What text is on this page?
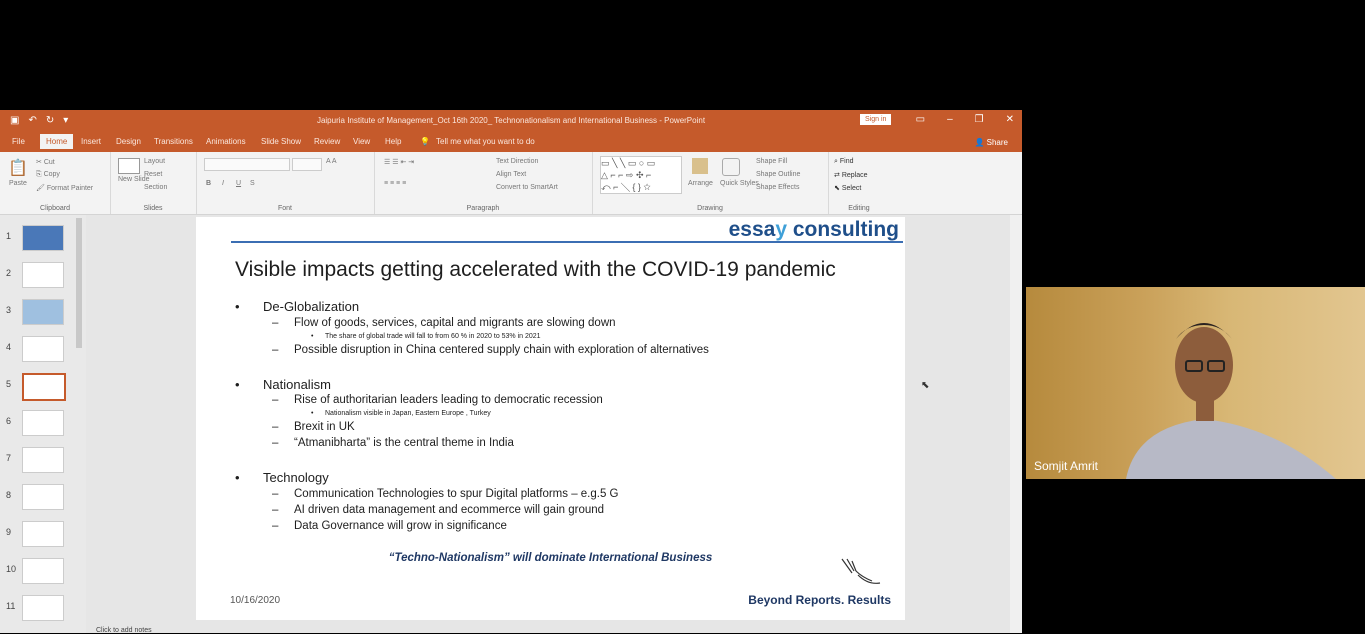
▣ ↶ ↻ ▾	Jaipuria Institute of Management_Oct 16th 2020_ Technonationalism and International Business - PowerPoint	Sign in	▭ – ❐ ✕
File	Home	Insert Design Transitions Animations Slide Show Review View Help 💡 Tell me what you want to do	👤 Share
📋
Paste
✂ Cut
⎘ Copy
🖌 Format Painter
Clipboard
New Slide
Layout
Reset
Section
Slides
A A
B I U S
Font
☰ ☰ ⇤ ⇥
≡ ≡ ≡ ≡
Text Direction
Align Text
Convert to SmartArt
Paragraph
▭ ╲ ╲ ▭ ○ ▭
△ ⌐ ⌐ ⇨ ✣ ⌐
⤺ ⌐ ╲ { } ☆	Arrange Quick Styles
Shape Fill
Shape Outline
Shape Effects
Drawing
⌕ Find
⇄ Replace
⬉ Select
Editing
1
2
3
4
5
6
7
8
9
10
11
essay consulting
Visible impacts getting accelerated with the COVID-19 pandemic
• De-Globalization
– Flow of goods, services, capital and migrants are slowing down
• The share of global trade will fall to from 60 % in 2020 to 53% in 2021
– Possible disruption in China centered supply chain with exploration of alternatives
• Nationalism
– Rise of authoritarian leaders leading to democratic recession
• Nationalism visible in Japan, Eastern Europe , Turkey
– Brexit in UK
– “Atmanibharta” is the central theme in India
• Technology
– Communication Technologies to spur Digital platforms – e.g.5 G
– AI driven data management and ecommerce will gain ground
– Data Governance will grow in significance
“Techno-Nationalism” will dominate International Business
10/16/2020	Beyond Reports. Results
Click to add notes
⬉
Somjit Amrit
